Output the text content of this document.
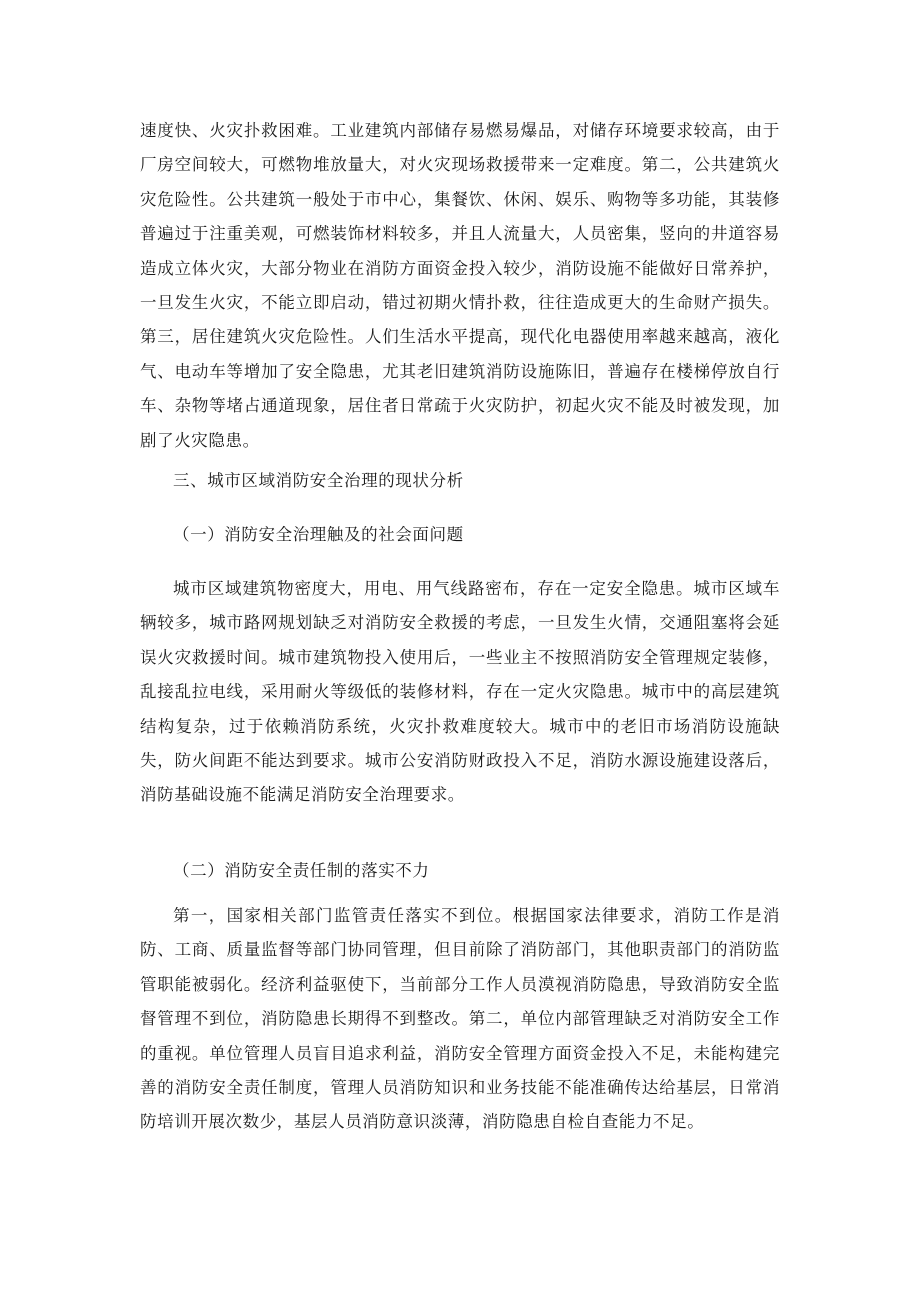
速度快、火灾扑救困难。工业建筑内部储存易燃易爆品，对储存环境要求较高，由于厂房空间较大，可燃物堆放量大，对火灾现场救援带来一定难度。第二，公共建筑火灾危险性。公共建筑一般处于市中心，集餐饮、休闲、娱乐、购物等多功能，其装修普遍过于注重美观，可燃装饰材料较多，并且人流量大，人员密集，竖向的井道容易造成立体火灾，大部分物业在消防方面资金投入较少，消防设施不能做好日常养护，一旦发生火灾，不能立即启动，错过初期火情扑救，往往造成更大的生命财产损失。第三，居住建筑火灾危险性。人们生活水平提高，现代化电器使用率越来越高，液化气、电动车等增加了安全隐患，尤其老旧建筑消防设施陈旧，普遍存在楼梯停放自行车、杂物等堵占通道现象，居住者日常疏于火灾防护，初起火灾不能及时被发现，加剧了火灾隐患。

三、城市区域消防安全治理的现状分析
（一）消防安全治理触及的社会面问题

城市区域建筑物密度大，用电、用气线路密布，存在一定安全隐患。城市区域车辆较多，城市路网规划缺乏对消防安全救援的考虑，一旦发生火情，交通阻塞将会延误火灾救援时间。城市建筑物投入使用后，一些业主不按照消防安全管理规定装修，乱接乱拉电线，采用耐火等级低的装修材料，存在一定火灾隐患。城市中的高层建筑结构复杂，过于依赖消防系统，火灾扑救难度较大。城市中的老旧市场消防设施缺失，防火间距不能达到要求。城市公安消防财政投入不足，消防水源设施建设落后，消防基础设施不能满足消防安全治理要求。

（二）消防安全责任制的落实不力

第一，国家相关部门监管责任落实不到位。根据国家法律要求，消防工作是消防、工商、质量监督等部门协同管理，但目前除了消防部门，其他职责部门的消防监管职能被弱化。经济利益驱使下，当前部分工作人员漠视消防隐患，导致消防安全监督管理不到位，消防隐患长期得不到整改。第二，单位内部管理缺乏对消防安全工作的重视。单位管理人员盲目追求利益，消防安全管理方面资金投入不足，未能构建完善的消防安全责任制度，管理人员消防知识和业务技能不能准确传达给基层，日常消防培训开展次数少，基层人员消防意识淡薄，消防隐患自检自查能力不足。
